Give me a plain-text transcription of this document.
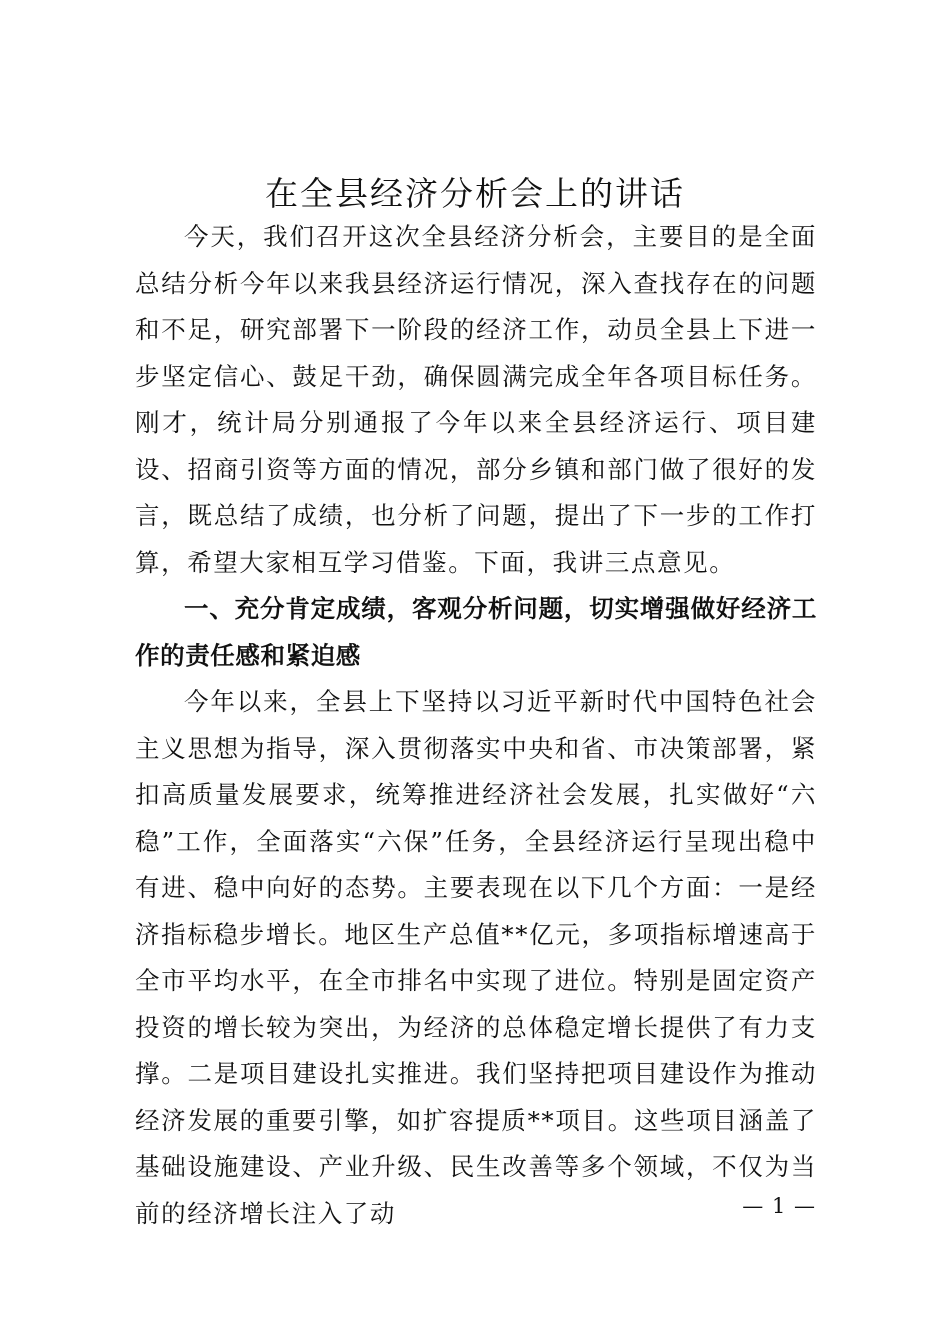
在全县经济分析会上的讲话

今天，我们召开这次全县经济分析会，主要目的是全面总结分析今年以来我县经济运行情况，深入查找存在的问题和不足，研究部署下一阶段的经济工作，动员全县上下进一步坚定信心、鼓足干劲，确保圆满完成全年各项目标任务。刚才，统计局分别通报了今年以来全县经济运行、项目建设、招商引资等方面的情况，部分乡镇和部门做了很好的发言，既总结了成绩，也分析了问题，提出了下一步的工作打算，希望大家相互学习借鉴。下面，我讲三点意见。

一、充分肯定成绩，客观分析问题，切实增强做好经济工作的责任感和紧迫感

今年以来，全县上下坚持以习近平新时代中国特色社会主义思想为指导，深入贯彻落实中央和省、市决策部署，紧扣高质量发展要求，统筹推进经济社会发展，扎实做好“六稳”工作，全面落实“六保”任务，全县经济运行呈现出稳中有进、稳中向好的态势。主要表现在以下几个方面：一是经济指标稳步增长。地区生产总值**亿元，多项指标增速高于全市平均水平，在全市排名中实现了进位。特别是固定资产投资的增长较为突出，为经济的总体稳定增长提供了有力支撑。二是项目建设扎实推进。我们坚持把项目建设作为推动经济发展的重要引擎，如扩容提质**项目。这些项目涵盖了基础设施建设、产业升级、民生改善等多个领域，不仅为当前的经济增长注入了动	— 1 —
